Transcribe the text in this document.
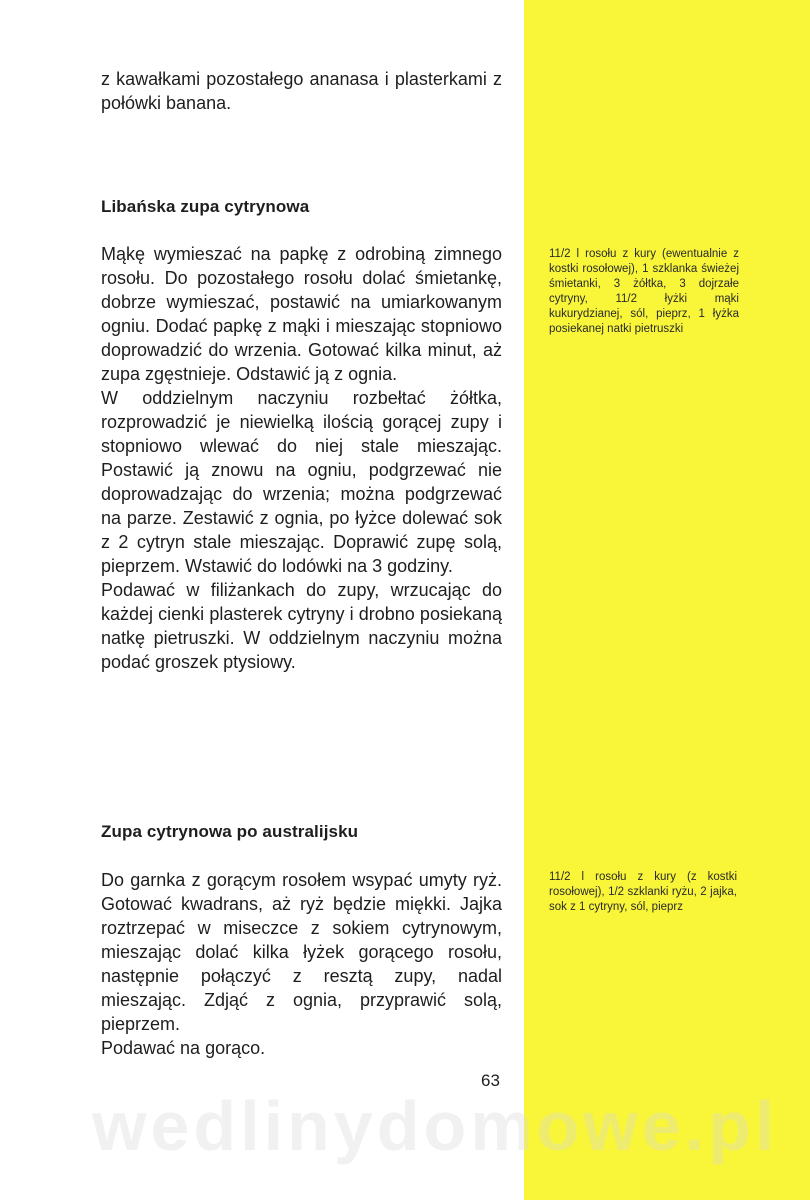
z kawałkami pozostałego ananasa i plasterkami z połówki banana.

Libańska zupa cytrynowa

Mąkę wymieszać na papkę z odrobiną zimnego rosołu. Do pozostałego rosołu dolać śmietankę, dobrze wymieszać, postawić na umiarkowanym ogniu. Dodać papkę z mąki i mieszając stopniowo doprowadzić do wrzenia. Gotować kilka minut, aż zupa zgęstnieje. Odstawić ją z ognia.

W oddzielnym naczyniu rozbełtać żółtka, rozprowadzić je niewielką ilością gorącej zupy i stopniowo wlewać do niej stale mieszając. Postawić ją znowu na ogniu, podgrzewać nie doprowadzając do wrzenia; można podgrzewać na parze. Zestawić z ognia, po łyżce dolewać sok z 2 cytryn stale mieszając. Doprawić zupę solą, pieprzem. Wstawić do lodówki na 3 godziny.

Podawać w filiżankach do zupy, wrzucając do każdej cienki plasterek cytryny i drobno posiekaną natkę pietruszki. W oddzielnym naczyniu można podać groszek ptysiowy.

11/2 l rosołu z kury (ewentualnie z kostki rosołowej), 1 szklanka świeżej śmietanki, 3 żółtka, 3 dojrzałe cytryny, 11/2 łyżki mąki kukurydzianej, sól, pieprz, 1 łyżka posiekanej natki pietruszki
Zupa cytrynowa po australijsku

Do garnka z gorącym rosołem wsypać umyty ryż. Gotować kwadrans, aż ryż będzie miękki. Jajka roztrzepać w miseczce z sokiem cytrynowym, mieszając dolać kilka łyżek gorącego rosołu, następnie połączyć z resztą zupy, nadal mieszając. Zdjąć z ognia, przyprawić solą, pieprzem.

Podawać na gorąco.

11/2 l rosołu z kury (z kostki rosołowej), 1/2 szklanki ryżu, 2 jajka, sok z 1 cytryny, sól, pieprz
63
wedlinydomowe.pl
